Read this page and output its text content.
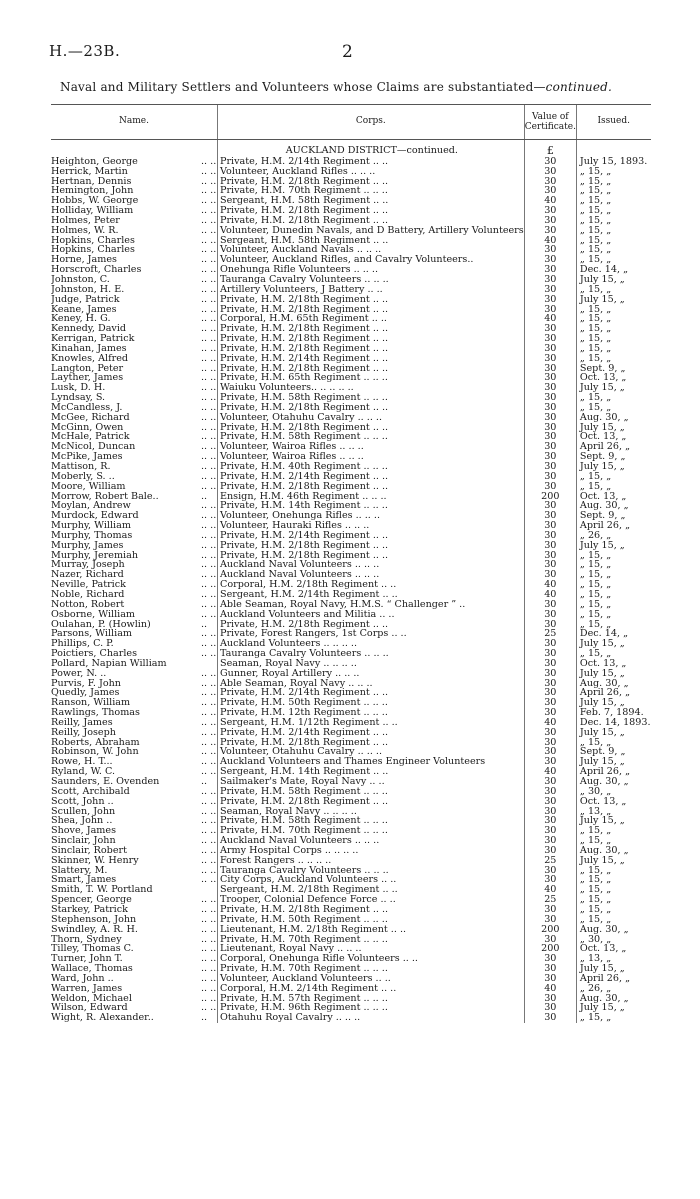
H.—23B.	2
Naval and Military Settlers and Volunteers whose Claims are substantiated—continued.
Name.		Corps.	Value of Certificate.	Issued.
		AUCKLAND DISTRICT—continued.	£	
Heighton, George	.. ..	Private, H.M. 2/14th Regiment .. ..	30	July 15, 1893.
Herrick, Martin	.. ..	Volunteer, Auckland Rifles .. .. ..	30	„ 15, „
Hertnan, Dennis	.. ..	Private, H.M. 2/18th Regiment .. ..	30	„ 15, „
Hemington, John	.. ..	Private, H.M. 70th Regiment .. .. ..	30	„ 15, „
Hobbs, W. George	.. ..	Sergeant, H.M. 58th Regiment .. ..	40	„ 15, „
Holliday, William	.. ..	Private, H.M. 2/18th Regiment .. ..	30	„ 15, „
Holmes, Peter	.. ..	Private, H.M. 2/18th Regiment .. ..	30	„ 15, „
Holmes, W. R.	.. ..	Volunteer, Dunedin Navals, and D Battery, Artillery Volunteers	30	„ 15, „
Hopkins, Charles	.. ..	Sergeant, H.M. 58th Regiment .. ..	40	„ 15, „
Hopkins, Charles	.. ..	Volunteer, Auckland Navals .. .. ..	30	„ 15, „
Horne, James	.. ..	Volunteer, Auckland Rifles, and Cavalry Volunteers..	30	„ 15, „
Horscroft, Charles	.. ..	Onehunga Rifle Volunteers .. .. ..	30	Dec. 14, „
Johnston, C.	.. ..	Tauranga Cavalry Volunteers .. .. ..	30	July 15, „
Johnston, H. E.	.. ..	Artillery Volunteers, J Battery .. ..	30	„ 15, „
Judge, Patrick	.. ..	Private, H.M. 2/18th Regiment .. ..	30	July 15, „
Keane, James	.. ..	Private, H.M. 2/18th Regiment .. ..	30	„ 15, „
Keney, H. G.	.. ..	Corporal, H.M. 65th Regiment .. ..	40	„ 15, „
Kennedy, David	.. ..	Private, H.M. 2/18th Regiment .. ..	30	„ 15, „
Kerrigan, Patrick	.. ..	Private, H.M. 2/18th Regiment .. ..	30	„ 15, „
Kinahan, James	.. ..	Private, H.M. 2/18th Regiment .. ..	30	„ 15, „
Knowles, Alfred	.. ..	Private, H.M. 2/14th Regiment .. ..	30	„ 15, „
Langton, Peter	.. ..	Private, H.M. 2/18th Regiment .. ..	30	Sept. 9, „
Layther, James	.. ..	Private, H.M. 65th Regiment .. .. ..	30	Oct. 13, „
Lusk, D. H.	.. ..	Waiuku Volunteers.. .. .. .. ..	30	July 15, „
Lyndsay, S.	.. ..	Private, H.M. 58th Regiment .. .. ..	30	„ 15, „
McCandless, J.	.. ..	Private, H.M. 2/18th Regiment .. ..	30	„ 15, „
McGee, Richard	.. ..	Volunteer, Otahuhu Cavalry .. .. ..	30	Aug. 30, „
McGinn, Owen	.. ..	Private, H.M. 2/18th Regiment .. ..	30	July 15, „
McHale, Patrick	.. ..	Private, H.M. 58th Regiment .. .. ..	30	Oct. 13, „
McNicol, Duncan	.. ..	Volunteer, Wairoa Rifles .. .. ..	30	April 26, „
McPike, James	.. ..	Volunteer, Wairoa Rifles .. .. ..	30	Sept. 9, „
Mattison, R.	.. ..	Private, H.M. 40th Regiment .. .. ..	30	July 15, „
Moberly, S. ..	.. ..	Private, H.M. 2/14th Regiment .. ..	30	„ 15, „
Moore, William	.. ..	Private, H.M. 2/18th Regiment .. ..	30	„ 15, „
Morrow, Robert Bale..	..	Ensign, H.M. 46th Regiment .. .. ..	200	Oct. 13, „
Moylan, Andrew	.. ..	Private, H.M. 14th Regiment .. .. ..	30	Aug. 30, „
Murdock, Edward	.. ..	Volunteer, Onehunga Rifles .. .. ..	30	Sept. 9, „
Murphy, William	.. ..	Volunteer, Hauraki Rifles .. .. ..	30	April 26, „
Murphy, Thomas	.. ..	Private, H.M. 2/14th Regiment .. ..	30	„ 26, „
Murphy, James	.. ..	Private, H.M. 2/18th Regiment .. ..	30	July 15, „
Murphy, Jeremiah	.. ..	Private, H.M. 2/18th Regiment .. ..	30	„ 15, „
Murray, Joseph	.. ..	Auckland Naval Volunteers .. .. ..	30	„ 15, „
Nazer, Richard	.. ..	Auckland Naval Volunteers .. .. ..	30	„ 15, „
Neville, Patrick	.. ..	Corporal, H.M. 2/18th Regiment .. ..	40	„ 15, „
Noble, Richard	.. ..	Sergeant, H.M. 2/14th Regiment .. ..	40	„ 15, „
Notton, Robert	.. ..	Able Seaman, Royal Navy, H.M.S. “ Challenger ” ..	30	„ 15, „
Osborne, William	.. ..	Auckland Volunteers and Militia .. ..	30	„ 15, „
Oulahan, P. (Howlin)	..	Private, H.M. 2/18th Regiment .. ..	30	„ 15, „
Parsons, William	.. ..	Private, Forest Rangers, 1st Corps .. ..	25	Dec. 14, „
Phillips, C. P.	.. ..	Auckland Volunteers .. .. .. ..	30	July 15, „
Poictiers, Charles	.. ..	Tauranga Cavalry Volunteers .. .. ..	30	„ 15, „
Pollard, Napian William		Seaman, Royal Navy .. .. .. ..	30	Oct. 13, „
Power, N. ..	.. ..	Gunner, Royal Artillery .. .. ..	30	July 15, „
Purvis, F. John	.. ..	Able Seaman, Royal Navy .. .. ..	30	Aug. 30, „
Quedly, James	.. ..	Private, H.M. 2/14th Regiment .. ..	30	April 26, „
Ranson, William	.. ..	Private, H.M. 50th Regiment .. .. ..	30	July 15, „
Rawlings, Thomas	.. ..	Private, H.M. 12th Regiment .. .. ..	30	Feb. 7, 1894.
Reilly, James	.. ..	Sergeant, H.M. 1/12th Regiment .. ..	40	Dec. 14, 1893.
Reilly, Joseph	.. ..	Private, H.M. 2/14th Regiment .. ..	30	July 15, „
Roberts, Abraham	.. ..	Private, H.M. 2/18th Regiment .. ..	30	„ 15, „
Robinson, W. John	.. ..	Volunteer, Otahuhu Cavalry .. .. ..	30	Sept. 9, „
Rowe, H. T...	.. ..	Auckland Volunteers and Thames Engineer Volunteers	30	July 15, „
Ryland, W. C.	.. ..	Sergeant, H.M. 14th Regiment .. ..	40	April 26, „
Saunders, E. Ovenden	..	Sailmaker's Mate, Royal Navy .. ..	30	Aug. 30, „
Scott, Archibald	.. ..	Private, H.M. 58th Regiment .. .. ..	30	„ 30, „
Scott, John ..	.. ..	Private, H.M. 2/18th Regiment .. ..	30	Oct. 13, „
Scullen, John	.. ..	Seaman, Royal Navy .. .. .. ..	30	„ 13, „
Shea, John ..	.. ..	Private, H.M. 58th Regiment .. .. ..	30	July 15, „
Shove, James	.. ..	Private, H.M. 70th Regiment .. .. ..	30	„ 15, „
Sinclair, John	.. ..	Auckland Naval Volunteers .. .. ..	30	„ 15, „
Sinclair, Robert	.. ..	Army Hospital Corps .. .. .. ..	30	Aug. 30, „
Skinner, W. Henry	.. ..	Forest Rangers .. .. .. ..	25	July 15, „
Slattery, M.	.. ..	Tauranga Cavalry Volunteers .. .. ..	30	„ 15, „
Smart, James	.. ..	City Corps, Auckland Volunteers .. ..	30	„ 15, „
Smith, T. W. Portland		Sergeant, H.M. 2/18th Regiment .. ..	40	„ 15, „
Spencer, George	.. ..	Trooper, Colonial Defence Force .. ..	25	„ 15, „
Starkey, Patrick	.. ..	Private, H.M. 2/18th Regiment .. ..	30	„ 15, „
Stephenson, John	.. ..	Private, H.M. 50th Regiment .. .. ..	30	„ 15, „
Swindley, A. R. H.	.. ..	Lieutenant, H.M. 2/18th Regiment .. ..	200	Aug. 30, „
Thorn, Sydney	.. ..	Private, H.M. 70th Regiment .. .. ..	30	„ 30, „
Tilley, Thomas C.	.. ..	Lieutenant, Royal Navy .. .. ..	200	Oct. 13, „
Turner, John T.	.. ..	Corporal, Onehunga Rifle Volunteers .. ..	30	„ 13, „
Wallace, Thomas	.. ..	Private, H.M. 70th Regiment .. .. ..	30	July 15, „
Ward, John ..	.. ..	Volunteer, Auckland Volunteers .. ..	30	April 26, „
Warren, James	.. ..	Corporal, H.M. 2/14th Regiment .. ..	40	„ 26, „
Weldon, Michael	.. ..	Private, H.M. 57th Regiment .. .. ..	30	Aug. 30, „
Wilson, Edward	.. ..	Private, H.M. 96th Regiment .. .. ..	30	July 15, „
Wight, R. Alexander..	..	Otahuhu Royal Cavalry .. .. ..	30	„ 15, „
